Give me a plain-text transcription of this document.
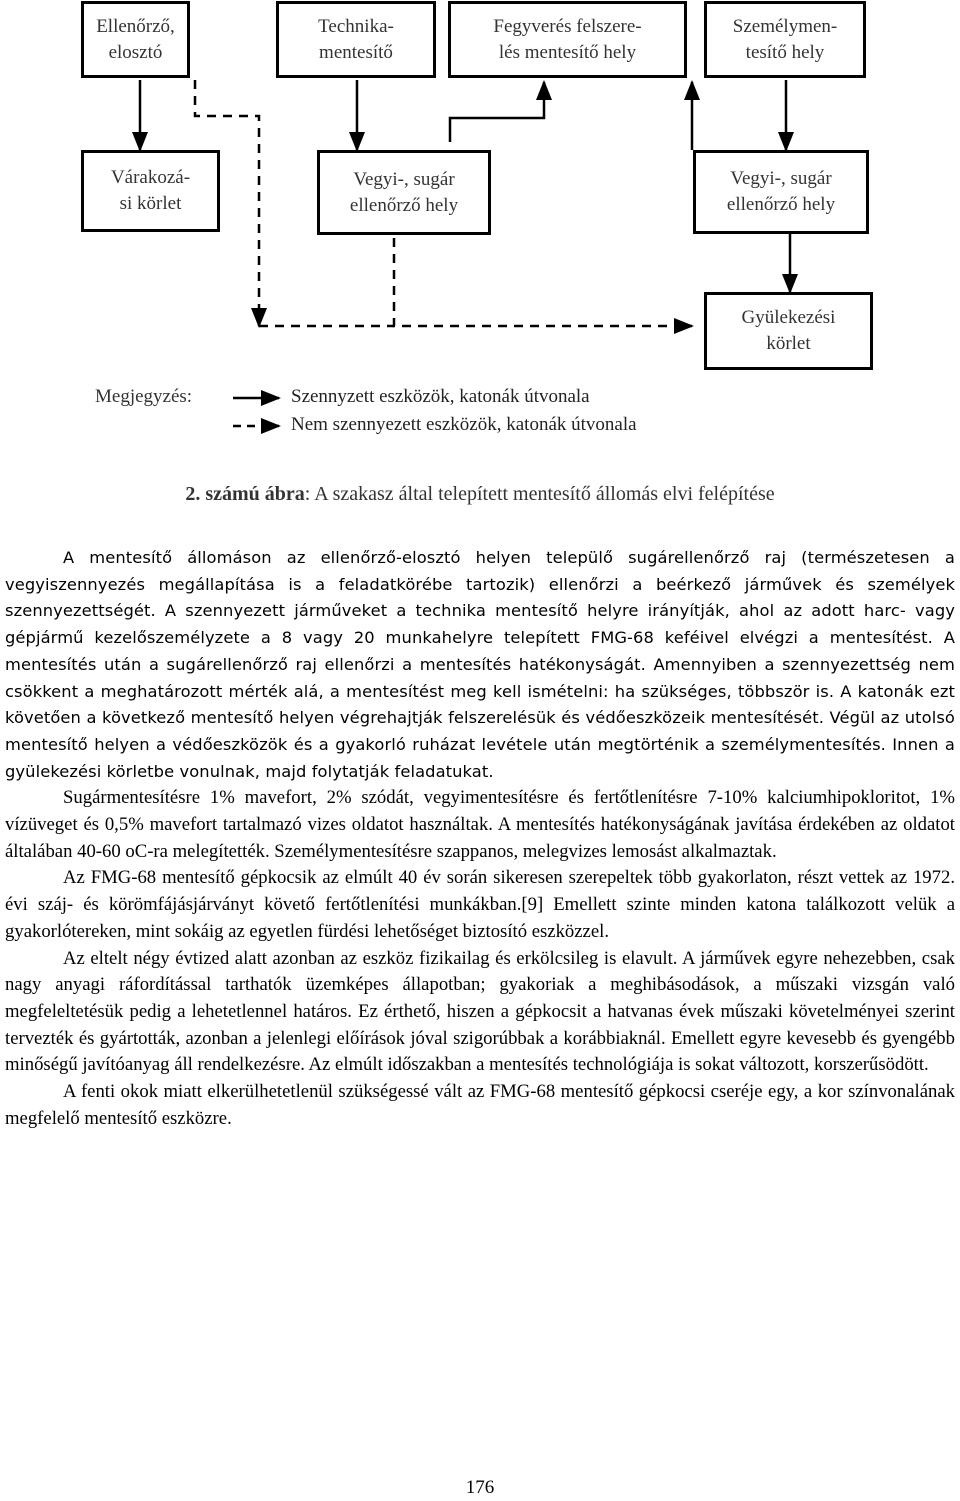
Ellenőrző,
elosztó
Technika-
mentesítő
Fegyverés felszere-
lés mentesítő hely
Személymen-
tesítő hely
Várakozá-
si körlet
Vegyi-, sugár
ellenőrző hely
Vegyi-, sugár
ellenőrző hely
Gyülekezési
körlet
Megjegyzés:	Szennyzett eszközök, katonák útvonala
Nem szennyezett eszközök, katonák útvonala
2. számú ábra: A szakasz által telepített mentesítő állomás elvi felépítése

A mentesítő állomáson az ellenőrző-elosztó helyen települő sugárellenőrző raj (természetesen a vegyiszennyezés megállapítása is a feladatkörébe tartozik) ellenőrzi a beérkező járművek és személyek szennyezettségét. A szennyezett járműveket a technika mentesítő helyre irányítják, ahol az adott harc- vagy gépjármű kezelőszemélyzete a 8 vagy 20 munkahelyre telepített FMG-68 keféivel elvégzi a mentesítést. A mentesítés után a sugárellenőrző raj ellenőrzi a mentesítés hatékonyságát. Amennyiben a szennyezettség nem csökkent a meghatározott mérték alá, a mentesítést meg kell ismételni: ha szükséges, többször is. A katonák ezt követően a következő mentesítő helyen végrehajtják felszerelésük és védőeszközeik mentesítését. Végül az utolsó mentesítő helyen a védőeszközök és a gyakorló ruházat levétele után megtörténik a személymentesítés. Innen a gyülekezési körletbe vonulnak, majd folytatják feladatukat.

Sugármentesítésre 1% mavefort, 2% szódát, vegyimentesítésre és fertőtlenítésre 7-10% kalciumhipokloritot, 1% vízüveget és 0,5% mavefort tartalmazó vizes oldatot használtak. A mentesítés hatékonyságának javítása érdekében az oldatot általában 40-60 oC-ra melegítették. Személymentesítésre szappanos, melegvizes lemosást alkalmaztak.

Az FMG-68 mentesítő gépkocsik az elmúlt 40 év során sikeresen szerepeltek több gyakorlaton, részt vettek az 1972. évi száj- és körömfájásjárványt követő fertőtlenítési munkákban.[9] Emellett szinte minden katona találkozott velük a gyakorlótereken, mint sokáig az egyetlen fürdési lehetőséget biztosító eszközzel.

Az eltelt négy évtized alatt azonban az eszköz fizikailag és erkölcsileg is elavult. A járművek egyre nehezebben, csak nagy anyagi ráfordítással tarthatók üzemképes állapotban; gyakoriak a meghibásodások, a műszaki vizsgán való megfeleltetésük pedig a lehetetlennel határos. Ez érthető, hiszen a gépkocsit a hatvanas évek műszaki követelményei szerint tervezték és gyártották, azonban a jelenlegi előírások jóval szigorúbbak a korábbiaknál. Emellett egyre kevesebb és gyengébb minőségű javítóanyag áll rendelkezésre. Az elmúlt időszakban a mentesítés technológiája is sokat változott, korszerűsödött.

A fenti okok miatt elkerülhetetlenül szükségessé vált az FMG-68 mentesítő gépkocsi cseréje egy, a kor színvonalának megfelelő mentesítő eszközre.

176
